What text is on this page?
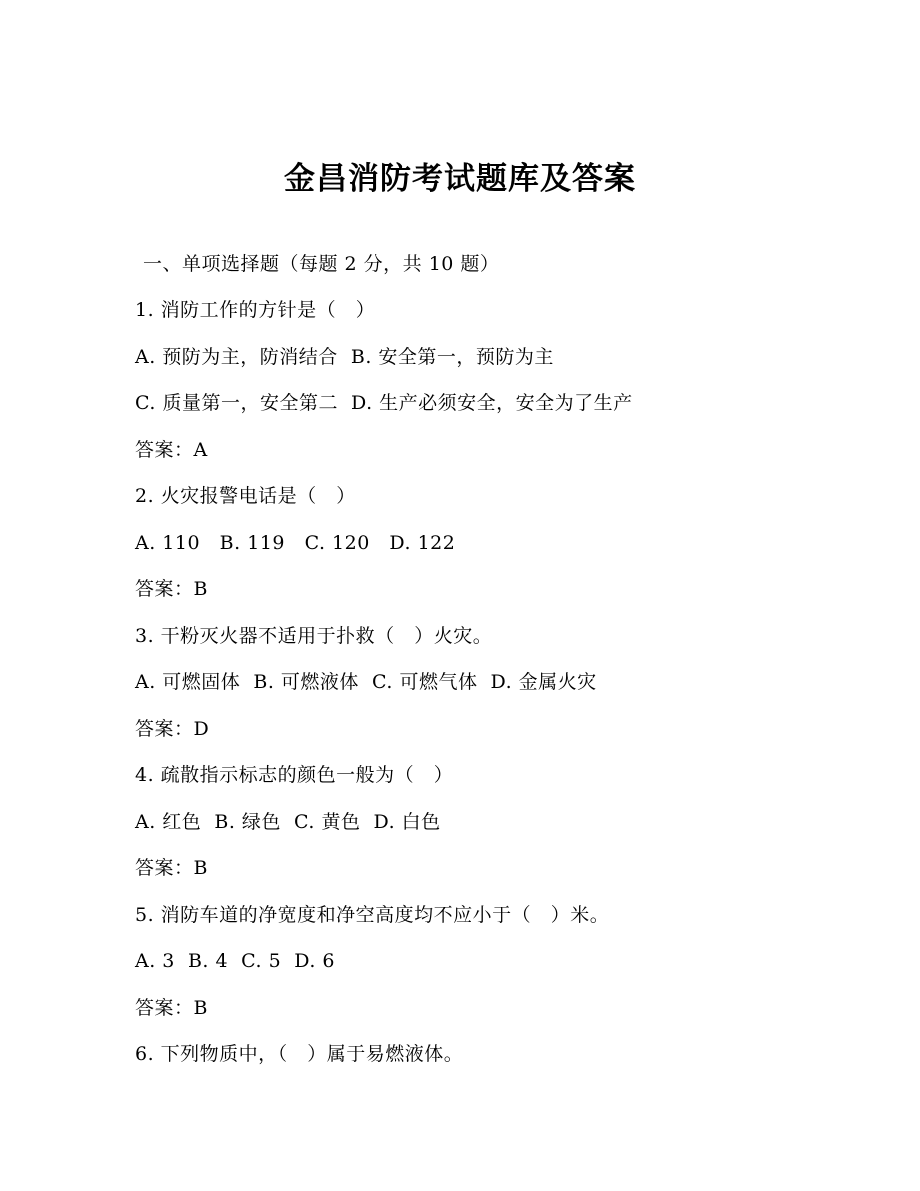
金昌消防考试题库及答案
一、单项选择题（每题 2 分，共 10 题）
1. 消防工作的方针是（   ）
A. 预防为主，防消结合  B. 安全第一，预防为主
C. 质量第一，安全第二  D. 生产必须安全，安全为了生产
答案：A
2. 火灾报警电话是（   ）
A. 110   B. 119   C. 120   D. 122
答案：B
3. 干粉灭火器不适用于扑救（   ）火灾。
A. 可燃固体  B. 可燃液体  C. 可燃气体  D. 金属火灾
答案：D
4. 疏散指示标志的颜色一般为（   ）
A. 红色  B. 绿色  C. 黄色  D. 白色
答案：B
5. 消防车道的净宽度和净空高度均不应小于（   ）米。
A. 3  B. 4  C. 5  D. 6
答案：B
6. 下列物质中，（   ）属于易燃液体。
